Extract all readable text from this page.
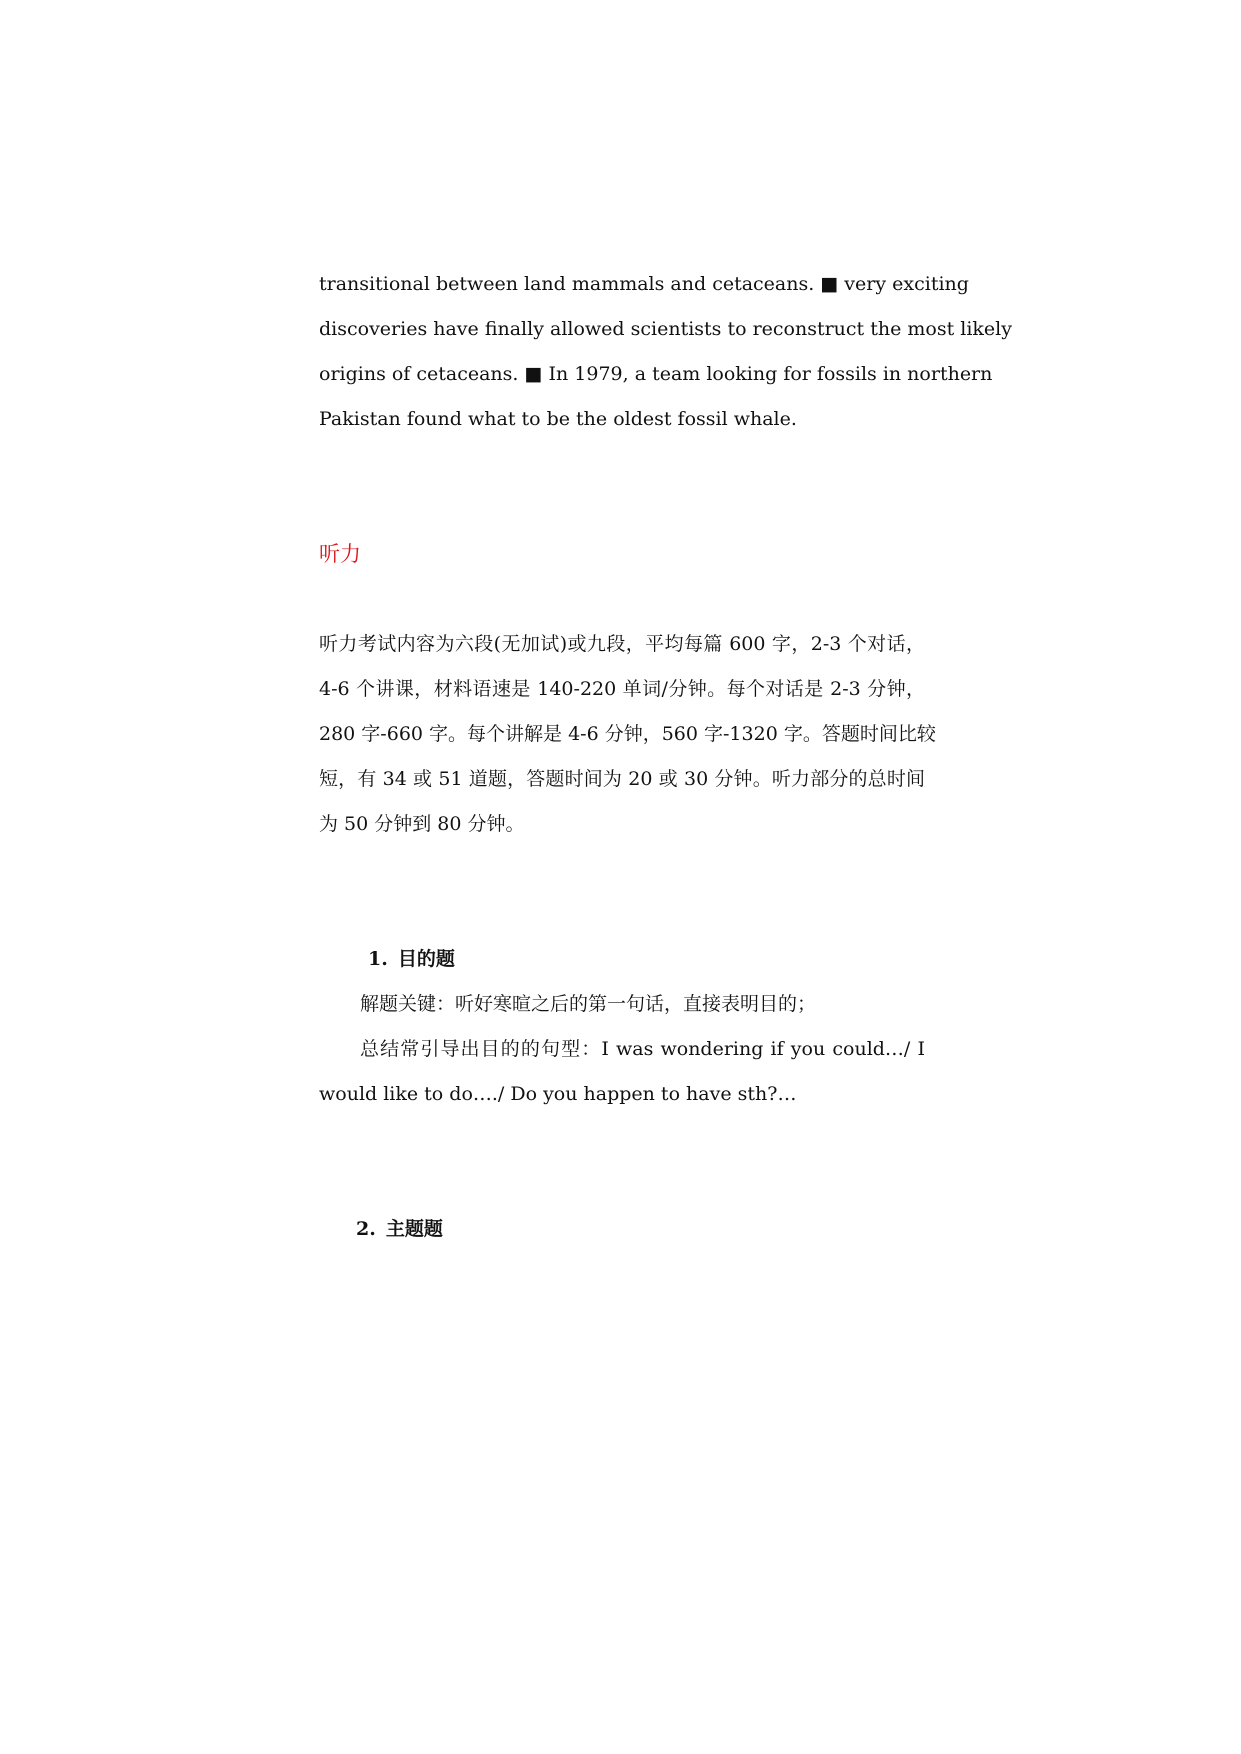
transitional between land mammals and cetaceans. ■ very exciting
discoveries have finally allowed scientists to reconstruct the most likely
origins of cetaceans. ■ In 1979, a team looking for fossils in northern
Pakistan found what to be the oldest fossil whale.
听力
听力考试内容为六段(无加试)或九段，平均每篇 600 字，2-3 个对话，
4-6 个讲课，材料语速是 140-220 单词/分钟。每个对话是 2-3 分钟，
280 字-660 字。每个讲解是 4-6 分钟，560 字-1320 字。答题时间比较
短，有 34 或 51 道题，答题时间为 20 或 30 分钟。听力部分的总时间
为 50 分钟到 80 分钟。
1. 目的题
解题关键：听好寒暄之后的第一句话，直接表明目的；
总结常引导出目的的句型：I was wondering if you could…/ I
would like to do…./ Do you happen to have sth?…
2. 主题题
